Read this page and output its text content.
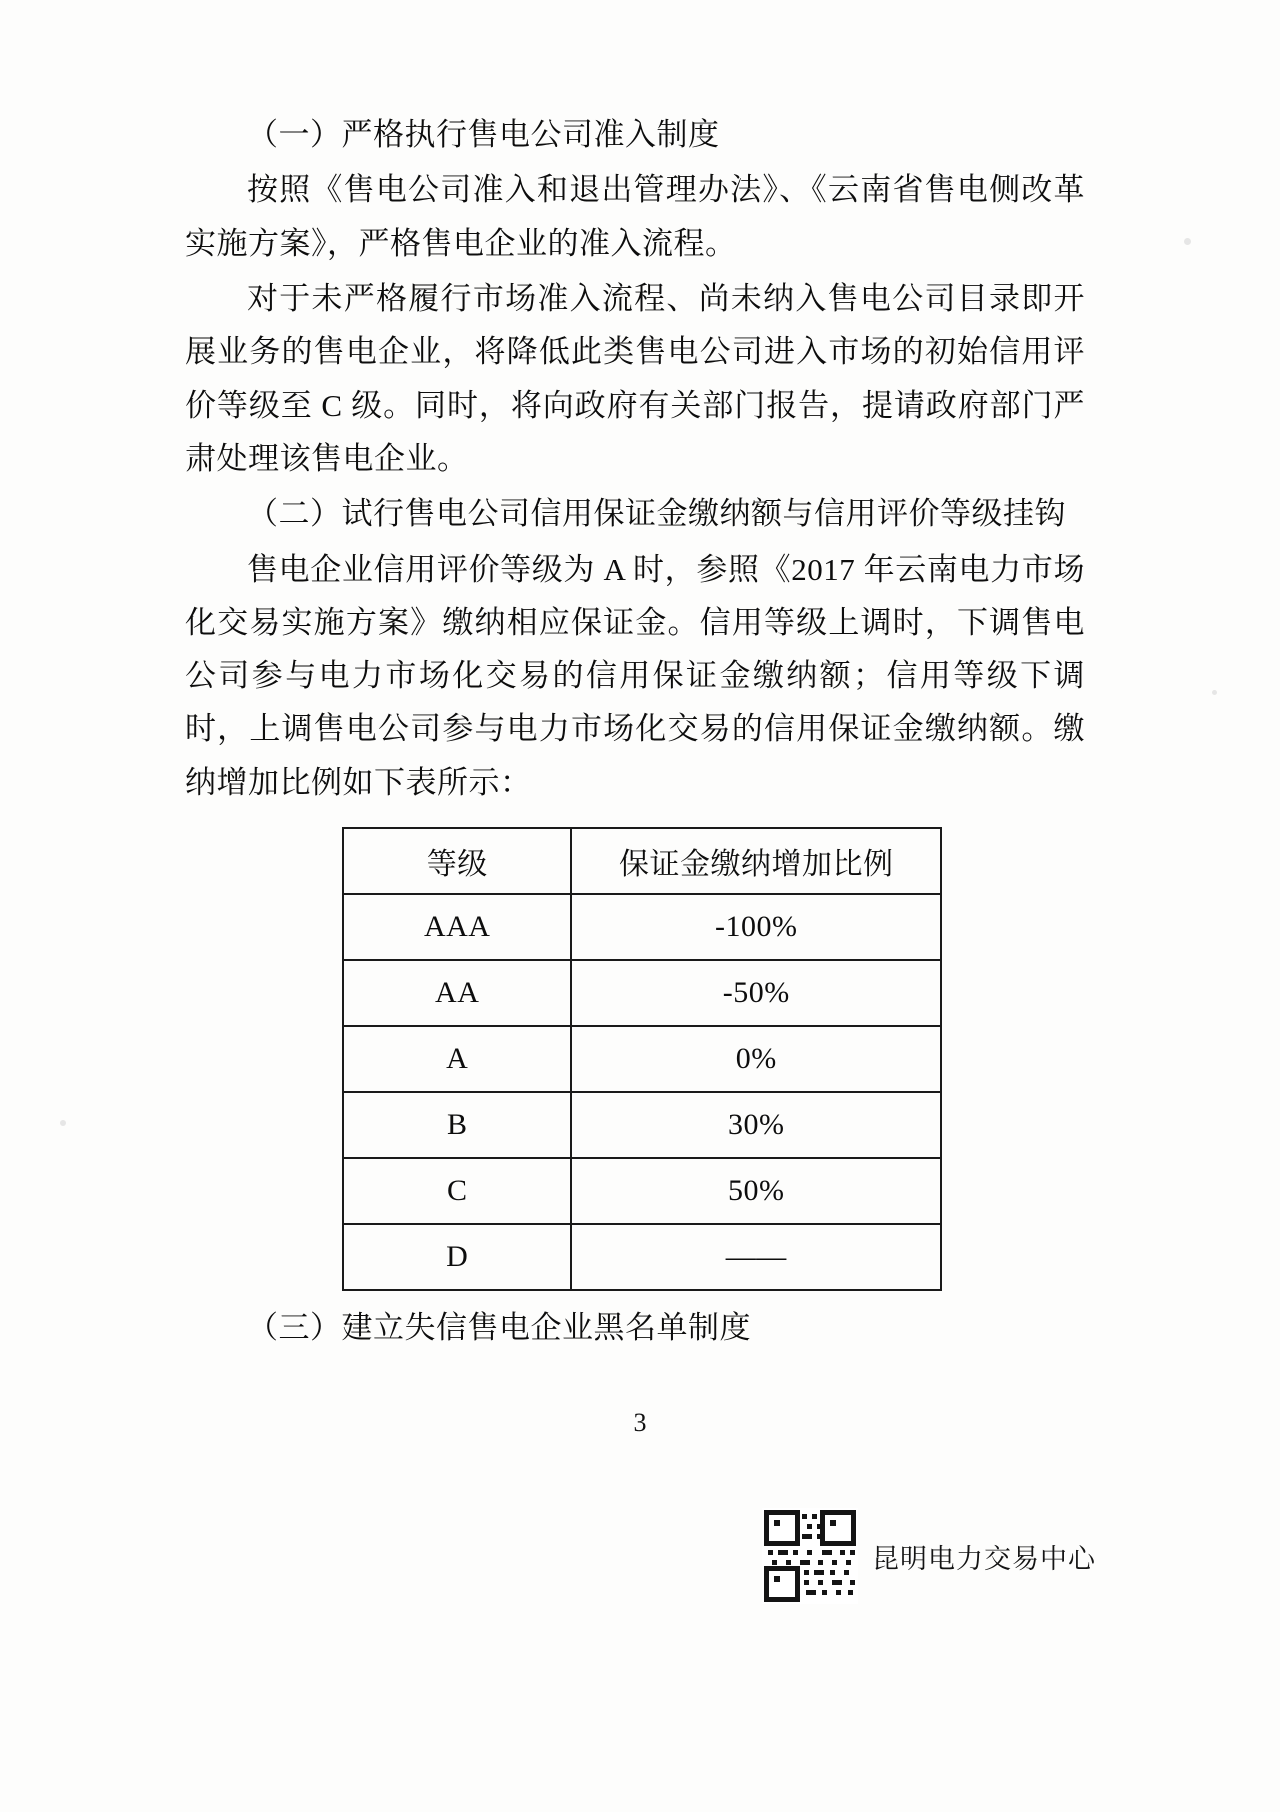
（一）严格执行售电公司准入制度

按照《售电公司准入和退出管理办法》、《云南省售电侧改革实施方案》，严格售电企业的准入流程。

对于未严格履行市场准入流程、尚未纳入售电公司目录即开展业务的售电企业，将降低此类售电公司进入市场的初始信用评价等级至 C 级。同时，将向政府有关部门报告，提请政府部门严肃处理该售电企业。

（二）试行售电公司信用保证金缴纳额与信用评价等级挂钩

售电企业信用评价等级为 A 时，参照《2017 年云南电力市场化交易实施方案》缴纳相应保证金。信用等级上调时，下调售电公司参与电力市场化交易的信用保证金缴纳额；信用等级下调时，上调售电公司参与电力市场化交易的信用保证金缴纳额。缴纳增加比例如下表所示：

等级	保证金缴纳增加比例
AAA	-100%
AA	-50%
A	0%
B	30%
C	50%
D	——

（三）建立失信售电企业黑名单制度

3
昆明电力交易中心
